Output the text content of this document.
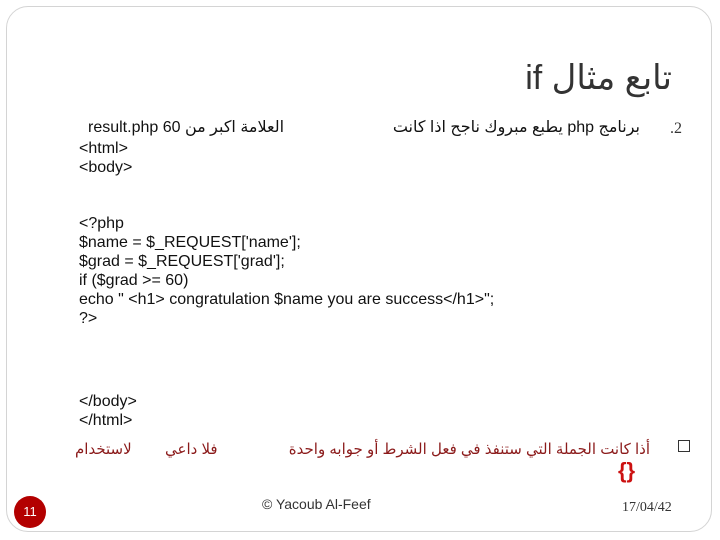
تابع مثال if
.2
برنامج php يطبع مبروك ناجح اذا كانت
result.php العلامة اكبر من 60
<html>
<body>
<?php
$name = $_REQUEST['name'];
$grad = $_REQUEST['grad'];
if ($grad >= 60)
echo " <h1> congratulation $name you are success</h1>";
?>
</body>
</html>
أذا كانت الجملة التي ستنفذ في فعل الشرط أو جوابه واحدة
فلا داعي
لاستخدام
{}
11	© Yacoub Al-Feef	17/04/42
